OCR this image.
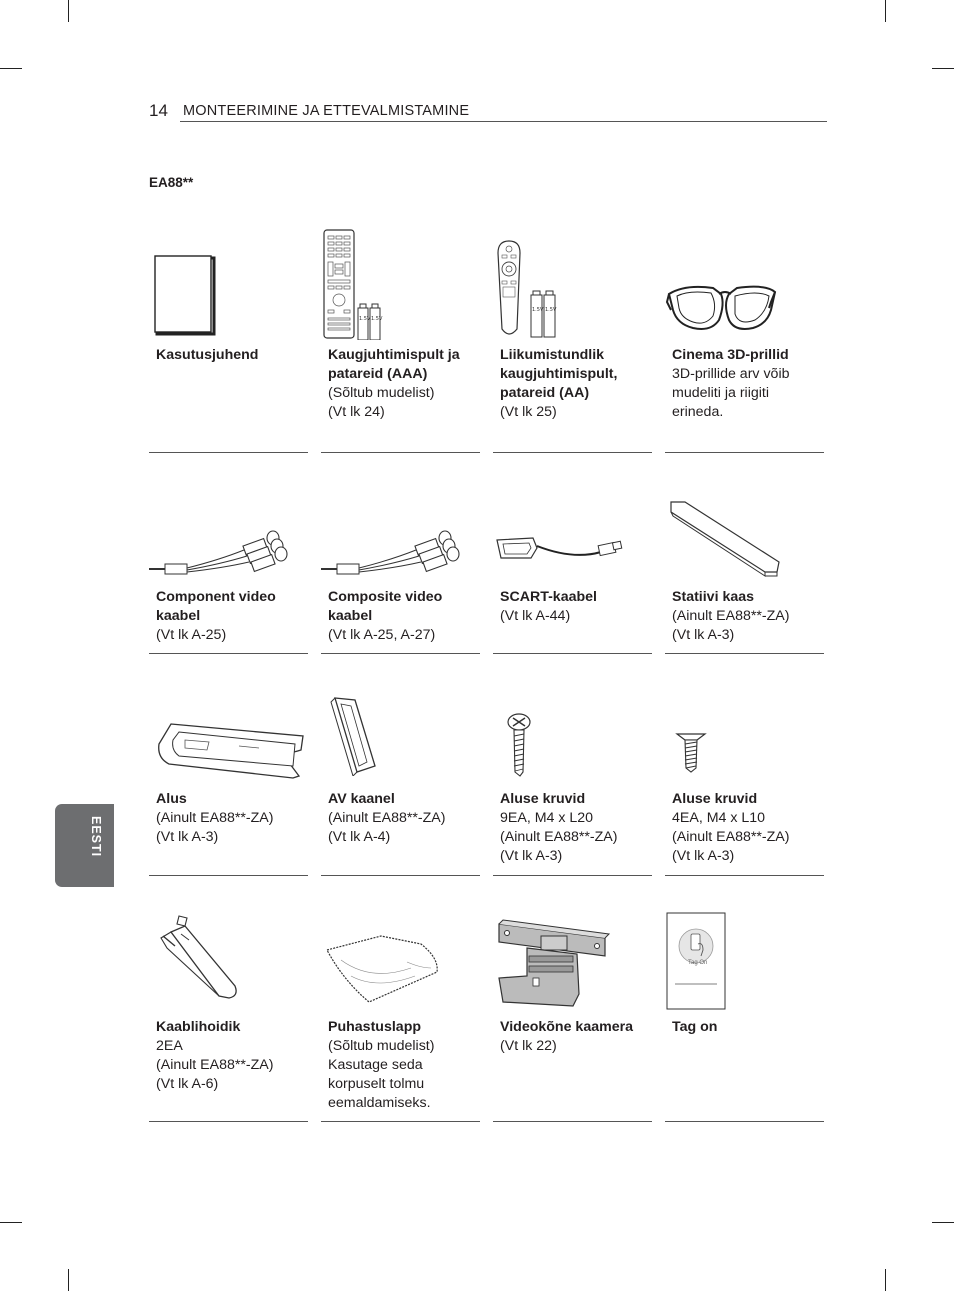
14 MONTEERIMINE JA ETTEVALMISTAMINE
EA88**
EESTI
Kasutusjuhend
1.5V 1.5V
Kaugjuhtimispult ja patareid (AAA)
(Sõltub mudelist)
(Vt lk 24)
1.5V 1.5V
Liikumistundlik kaugjuhtimispult, patareid (AA)
(Vt lk 25)
Cinema 3D-prillid
3D-prillide arv võib mudeliti ja riigiti erineda.
Component video kaabel
(Vt lk A-25)
Composite video kaabel
(Vt lk A-25, A-27)
SCART-kaabel
(Vt lk A-44)
Statiivi kaas
(Ainult EA88**-ZA)
(Vt lk A-3)
Alus
(Ainult EA88**-ZA)
(Vt lk A-3)
AV kaanel
(Ainult EA88**-ZA)
(Vt lk A-4)
Aluse kruvid
9EA, M4 x L20
(Ainult EA88**-ZA)
(Vt lk A-3)
Aluse kruvid
4EA, M4 x L10
(Ainult EA88**-ZA)
(Vt lk A-3)
Kaablihoidik
2EA
(Ainult EA88**-ZA)
(Vt lk A-6)
Puhastuslapp
(Sõltub mudelist)
Kasutage seda korpuselt tolmu eemaldamiseks.
Videokõne kaamera
(Vt lk 22)
Tag On
Tag on
